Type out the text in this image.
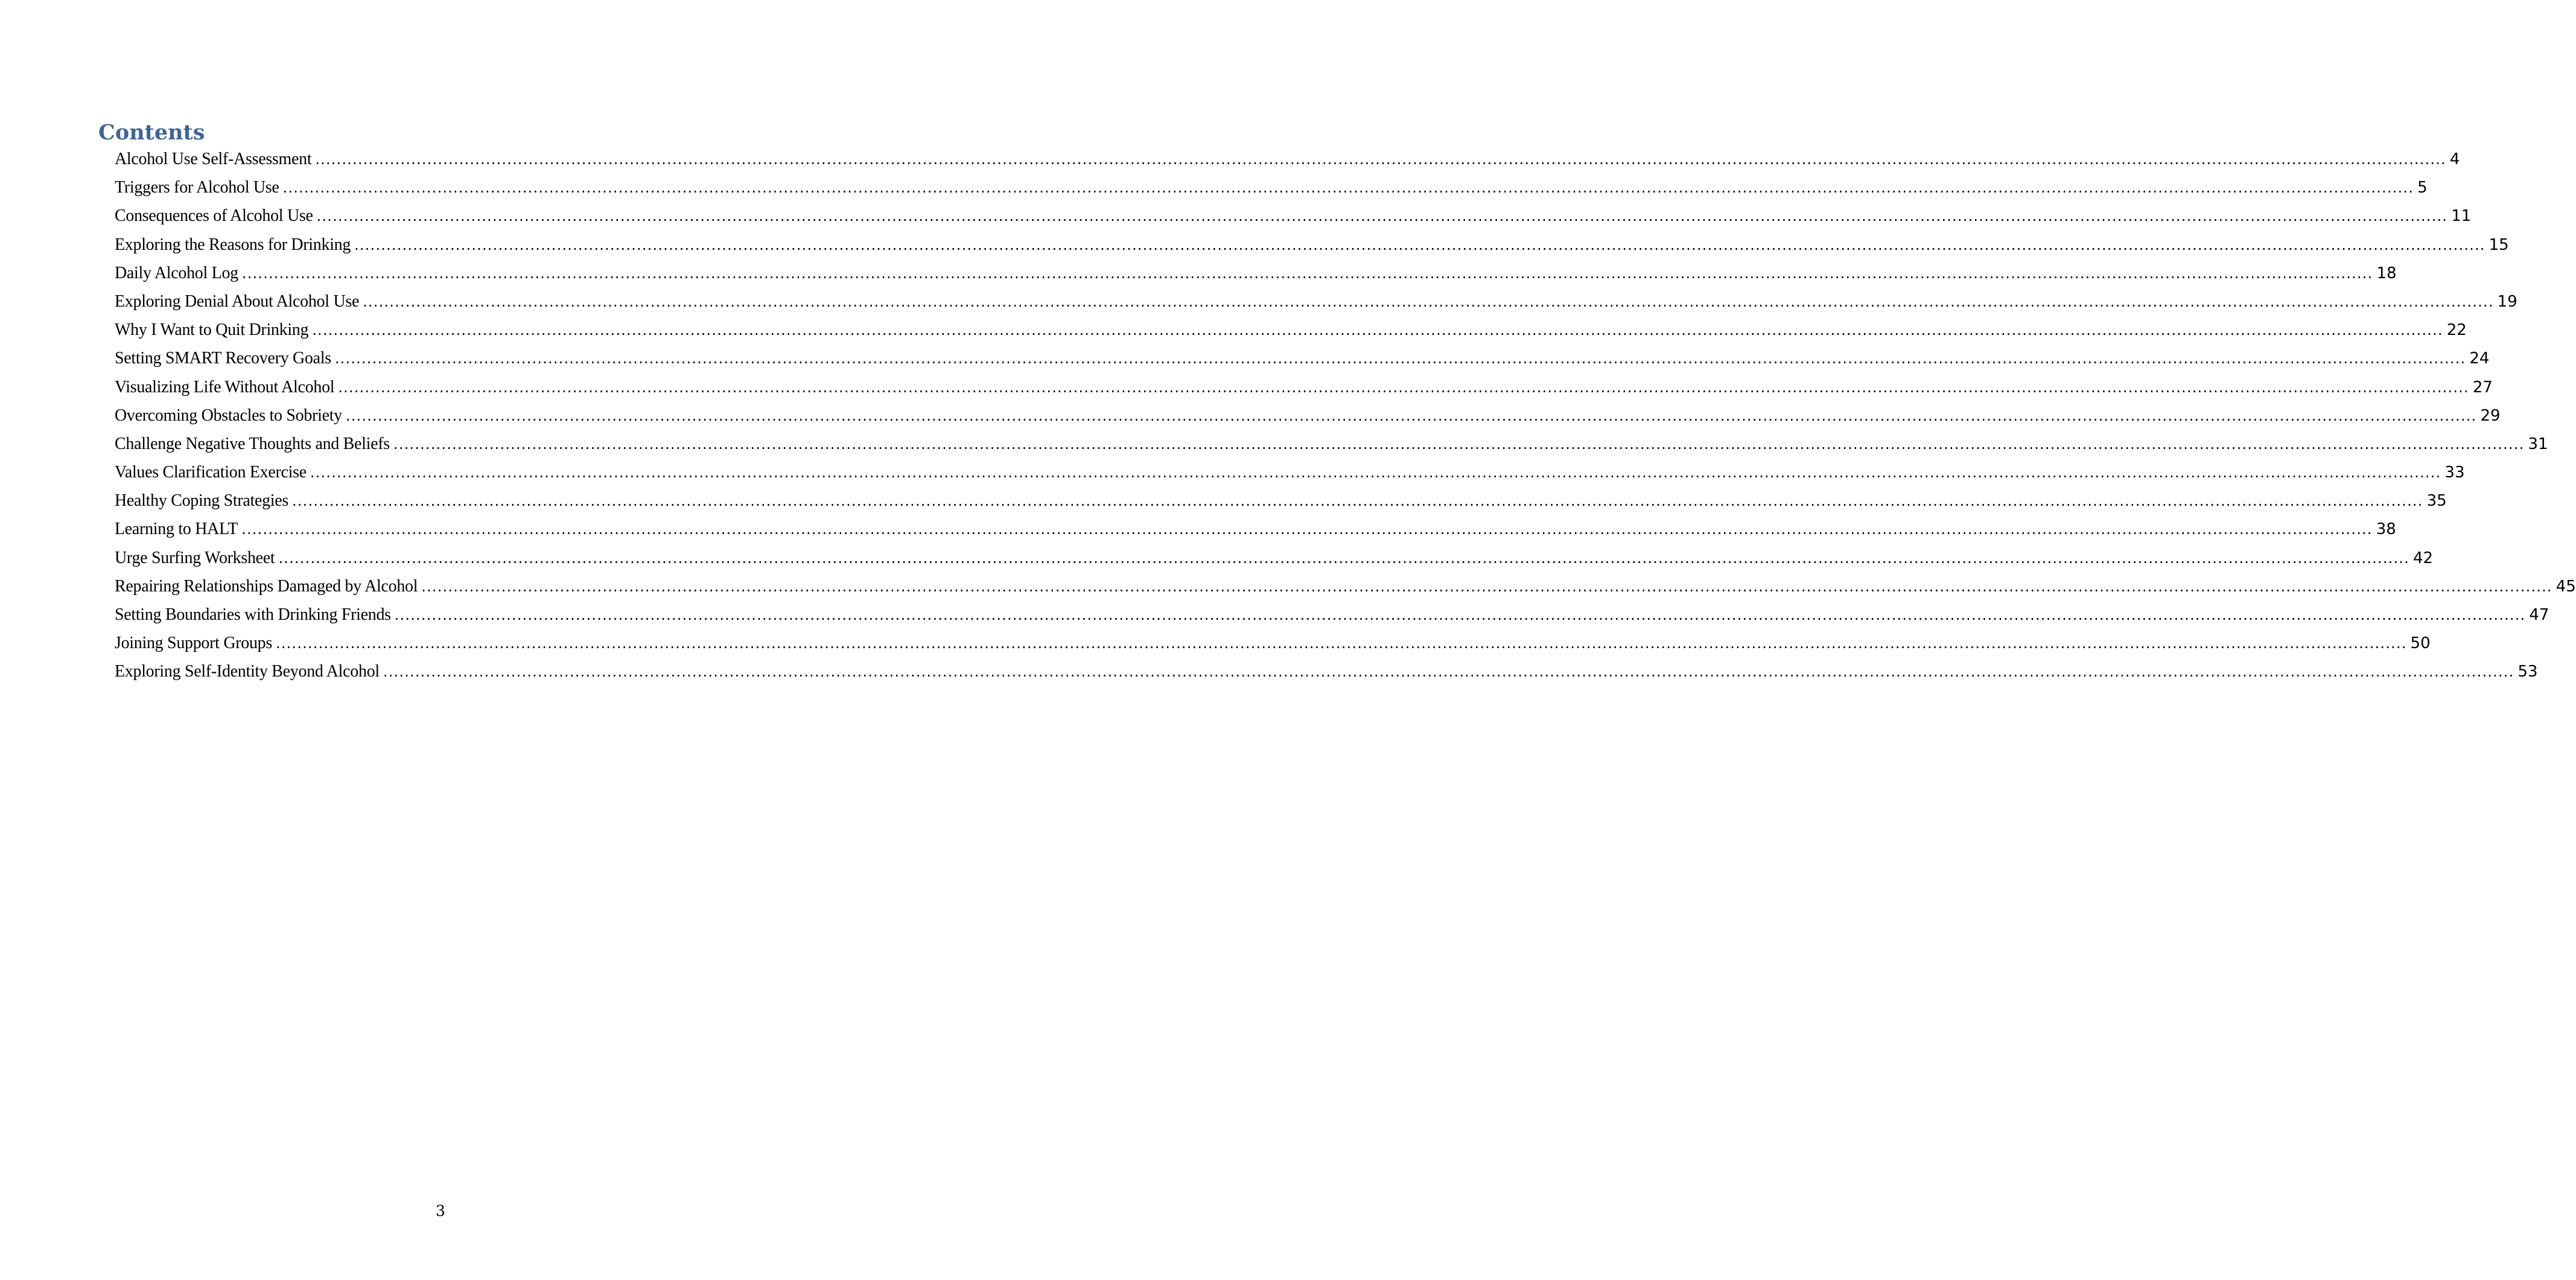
Contents
Alcohol Use Self-Assessment ................................................................................................................................................................................................................................................................................................................................................................................................................ 4
Triggers for Alcohol Use ................................................................................................................................................................................................................................................................................................................................................................................................................ 5
Consequences of Alcohol Use ................................................................................................................................................................................................................................................................................................................................................................................................................ 11
Exploring the Reasons for Drinking ................................................................................................................................................................................................................................................................................................................................................................................................................ 15
Daily Alcohol Log ................................................................................................................................................................................................................................................................................................................................................................................................................ 18
Exploring Denial About Alcohol Use ................................................................................................................................................................................................................................................................................................................................................................................................................ 19
Why I Want to Quit Drinking ................................................................................................................................................................................................................................................................................................................................................................................................................ 22
Setting SMART Recovery Goals ................................................................................................................................................................................................................................................................................................................................................................................................................ 24
Visualizing Life Without Alcohol ................................................................................................................................................................................................................................................................................................................................................................................................................ 27
Overcoming Obstacles to Sobriety ................................................................................................................................................................................................................................................................................................................................................................................................................ 29
Challenge Negative Thoughts and Beliefs ................................................................................................................................................................................................................................................................................................................................................................................................................ 31
Values Clarification Exercise ................................................................................................................................................................................................................................................................................................................................................................................................................ 33
Healthy Coping Strategies ................................................................................................................................................................................................................................................................................................................................................................................................................ 35
Learning to HALT ................................................................................................................................................................................................................................................................................................................................................................................................................ 38
Urge Surfing Worksheet ................................................................................................................................................................................................................................................................................................................................................................................................................ 42
Repairing Relationships Damaged by Alcohol ................................................................................................................................................................................................................................................................................................................................................................................................................ 45
Setting Boundaries with Drinking Friends ................................................................................................................................................................................................................................................................................................................................................................................................................ 47
Joining Support Groups ................................................................................................................................................................................................................................................................................................................................................................................................................ 50
Exploring Self-Identity Beyond Alcohol ................................................................................................................................................................................................................................................................................................................................................................................................................ 53
3
